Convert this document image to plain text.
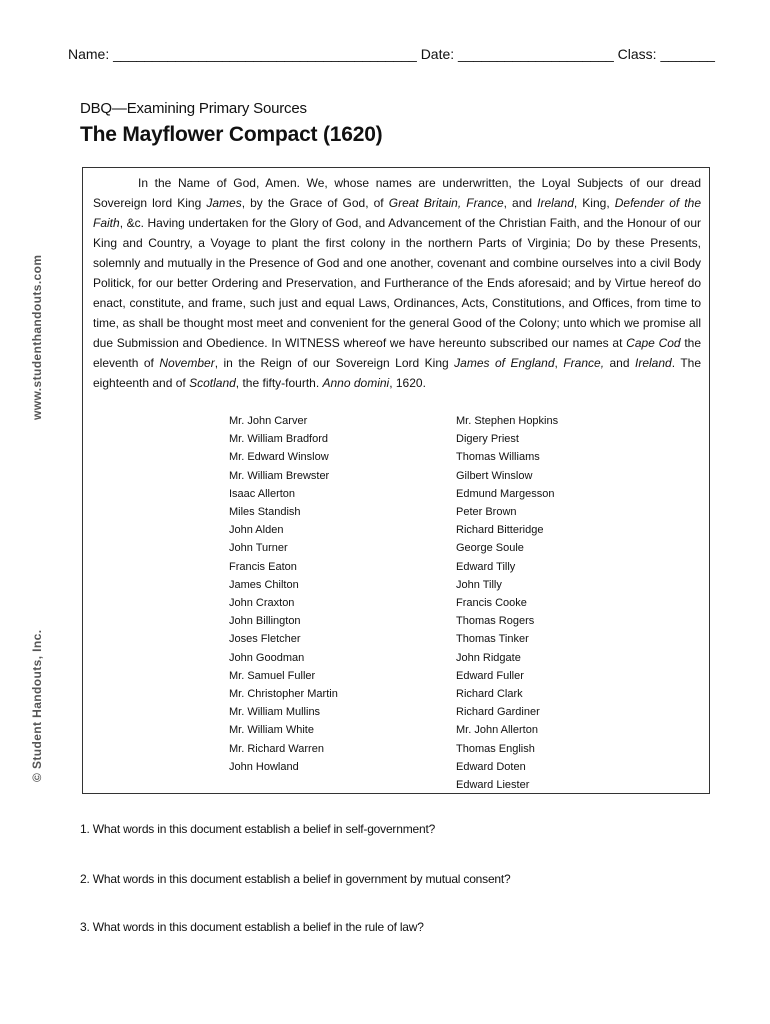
Name: _______________________________________ Date: ____________________ Class: _______
www.studenthandouts.com
© Student Handouts, Inc.
DBQ—Examining Primary Sources
The Mayflower Compact (1620)
In the Name of God, Amen. We, whose names are underwritten, the Loyal Subjects of our dread Sovereign lord King James, by the Grace of God, of Great Britain, France, and Ireland, King, Defender of the Faith, &c. Having undertaken for the Glory of God, and Advancement of the Christian Faith, and the Honour of our King and Country, a Voyage to plant the first colony in the northern Parts of Virginia; Do by these Presents, solemnly and mutually in the Presence of God and one another, covenant and combine ourselves into a civil Body Politick, for our better Ordering and Preservation, and Furtherance of the Ends aforesaid; and by Virtue hereof do enact, constitute, and frame, such just and equal Laws, Ordinances, Acts, Constitutions, and Offices, from time to time, as shall be thought most meet and convenient for the general Good of the Colony; unto which we promise all due Submission and Obedience. In WITNESS whereof we have hereunto subscribed our names at Cape Cod the eleventh of November, in the Reign of our Sovereign Lord King James of England, France, and Ireland. The eighteenth and of Scotland, the fifty-fourth. Anno domini, 1620.
Mr. John Carver
Mr. William Bradford
Mr. Edward Winslow
Mr. William Brewster
Isaac Allerton
Miles Standish
John Alden
John Turner
Francis Eaton
James Chilton
John Craxton
John Billington
Joses Fletcher
John Goodman
Mr. Samuel Fuller
Mr. Christopher Martin
Mr. William Mullins
Mr. William White
Mr. Richard Warren
John Howland
Mr. Stephen Hopkins
Digery Priest
Thomas Williams
Gilbert Winslow
Edmund Margesson
Peter Brown
Richard Bitteridge
George Soule
Edward Tilly
John Tilly
Francis Cooke
Thomas Rogers
Thomas Tinker
John Ridgate
Edward Fuller
Richard Clark
Richard Gardiner
Mr. John Allerton
Thomas English
Edward Doten
Edward Liester
1. What words in this document establish a belief in self-government?
2. What words in this document establish a belief in government by mutual consent?
3. What words in this document establish a belief in the rule of law?
